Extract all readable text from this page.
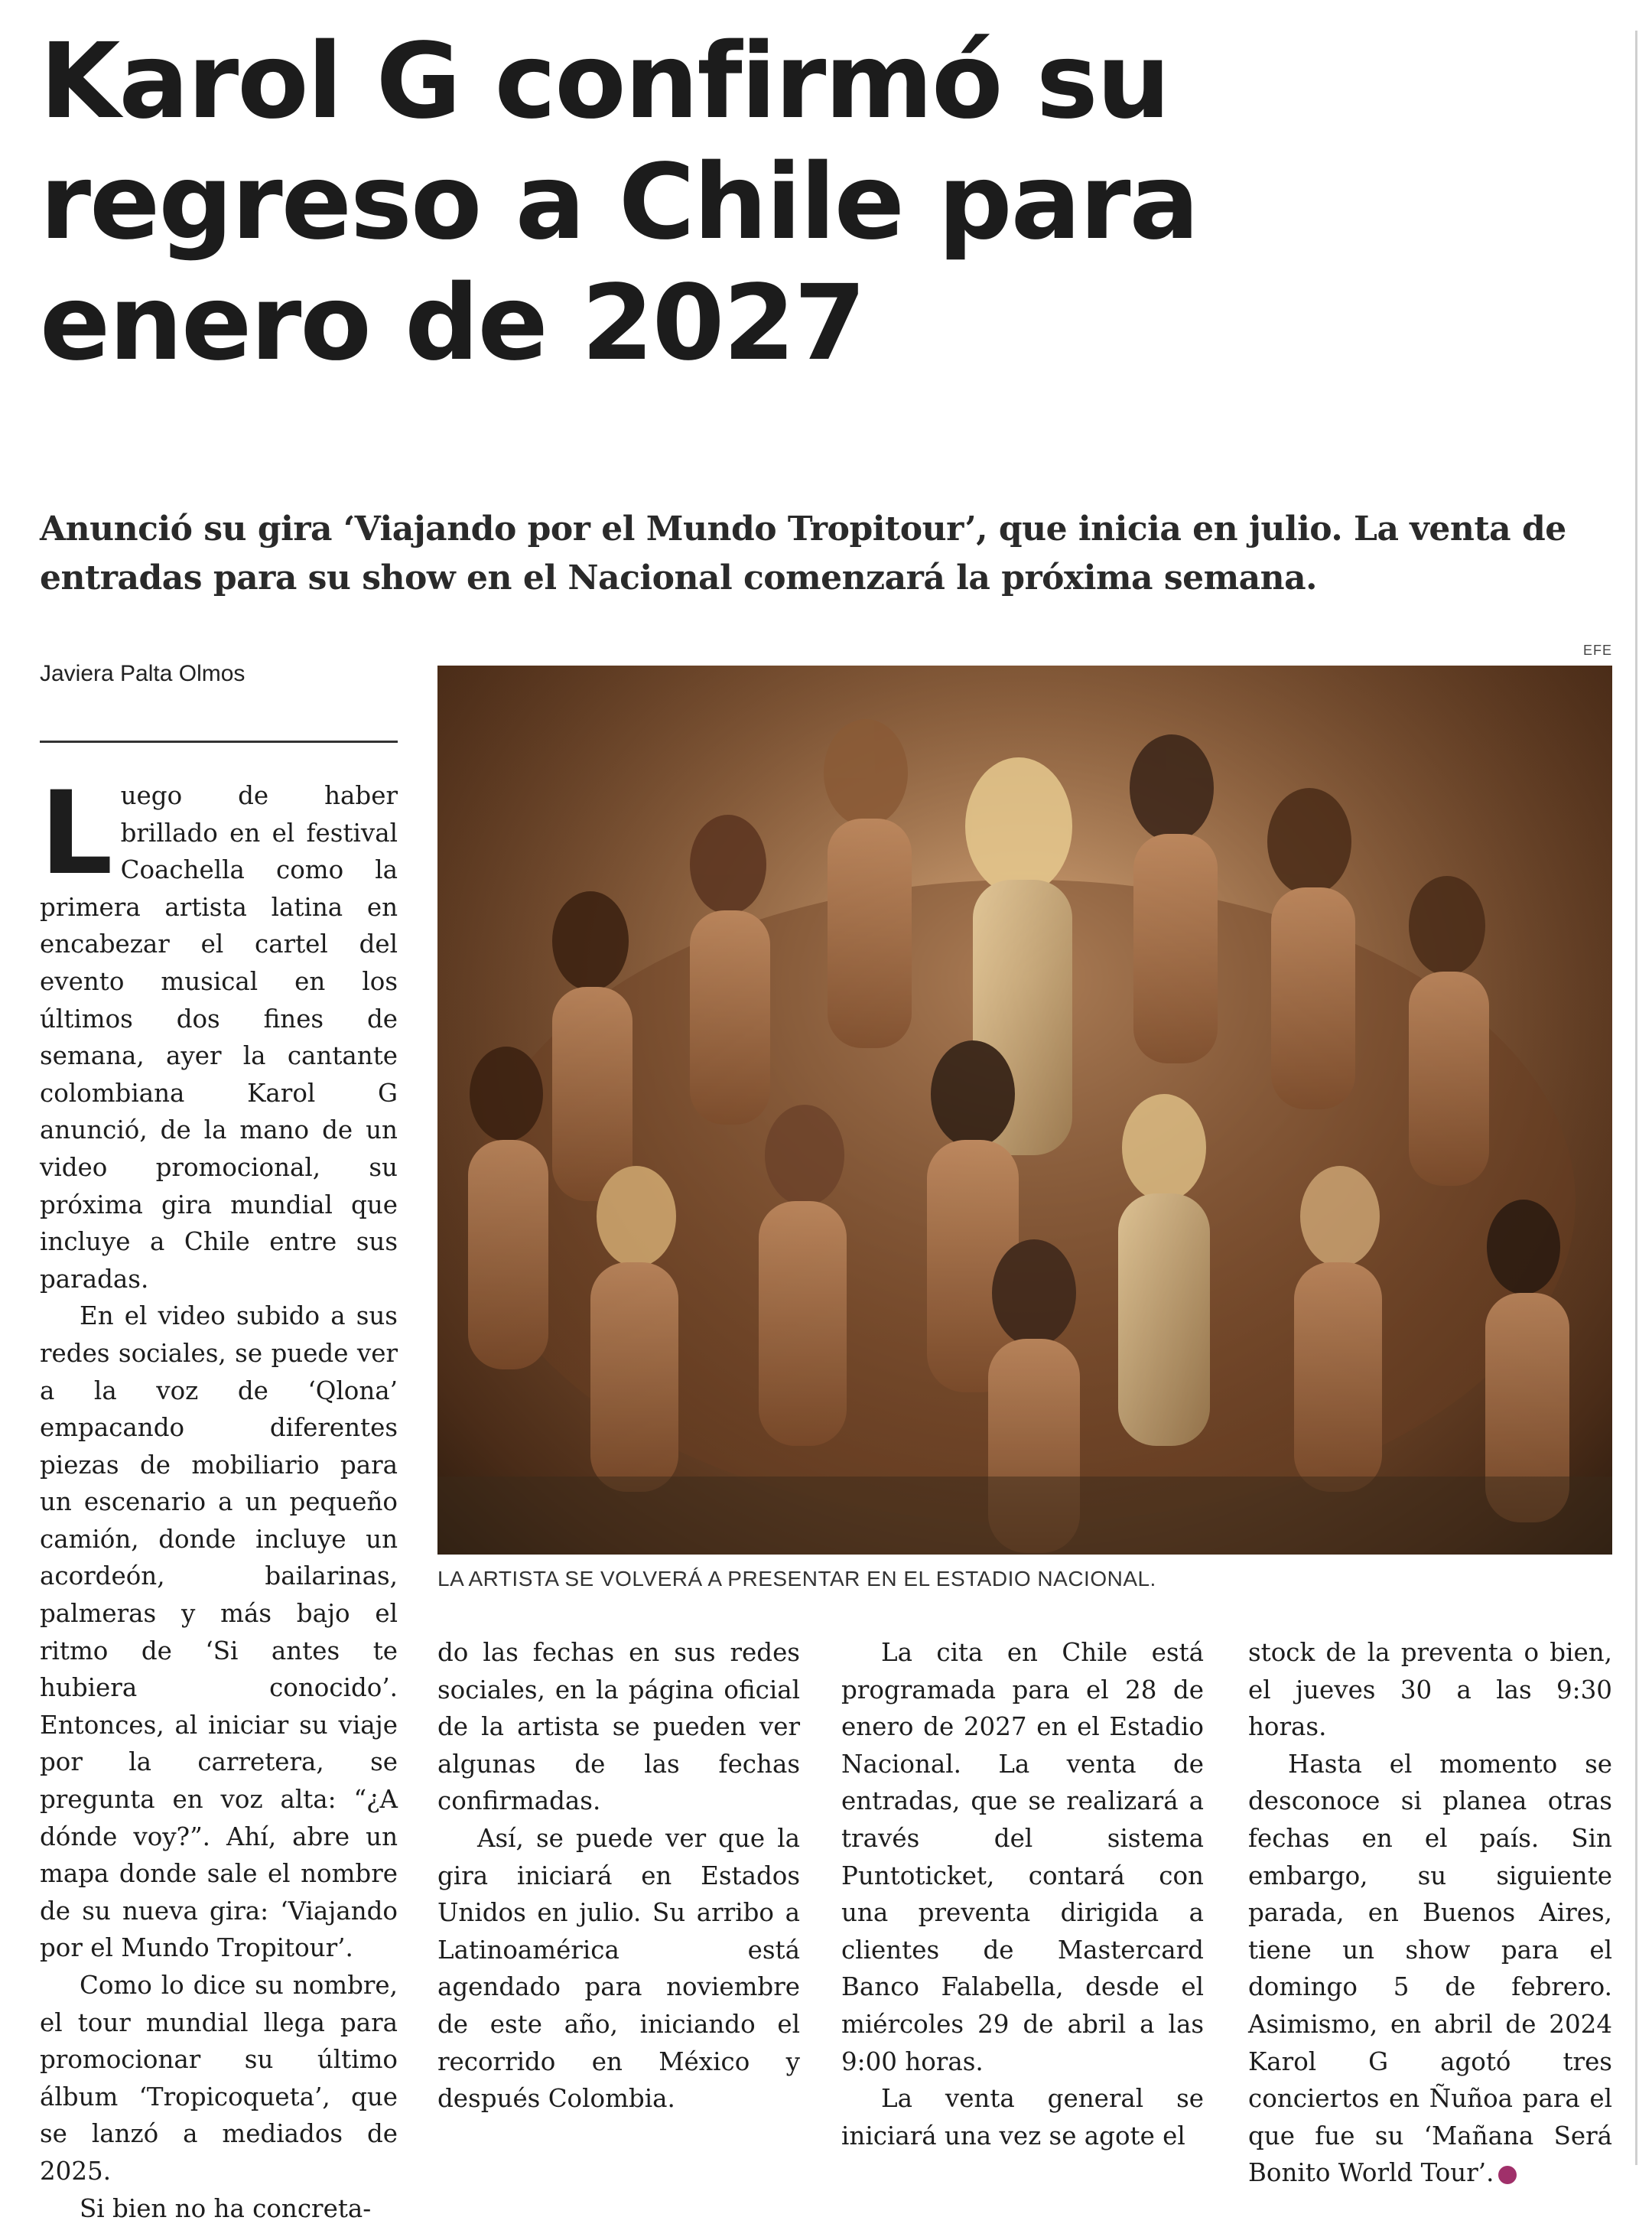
Karol G confirmó su
regreso a Chile para
enero de 2027
Anunció su gira ‘Viajando por el Mundo Tropitour’, que inicia en julio. La venta de entradas para su show en el Nacional comenzará la próxima semana.
Javiera Palta Olmos
EFE
LA ARTISTA SE VOLVERÁ A PRESENTAR EN EL ESTADIO NACIONAL.

Luego de haber brillado en el festival Coachella como la primera artista latina en encabezar el cartel del evento musical en los últimos dos fines de semana, ayer la cantante colombiana Karol G anunció, de la mano de un video promocional, su próxima gira mundial que incluye a Chile entre sus paradas.

En el video subido a sus redes sociales, se puede ver a la voz de ‘Qlona’ empacando diferentes piezas de mobiliario para un escenario a un pequeño camión, donde incluye un acordeón, bailarinas, palmeras y más bajo el ritmo de ‘Si antes te hubiera conocido’. Entonces, al iniciar su viaje por la carretera, se pregunta en voz alta: “¿A dónde voy?”. Ahí, abre un mapa donde sale el nombre de su nueva gira: ‘Viajando por el Mundo Tropitour’.

Como lo dice su nombre, el tour mundial llega para promocionar su último álbum ‘Tropicoqueta’, que se lanzó a mediados de 2025.

Si bien no ha concreta-

do las fechas en sus redes sociales, en la página oficial de la artista se pueden ver algunas de las fechas confirmadas.

Así, se puede ver que la gira iniciará en Estados Unidos en julio. Su arribo a Latinoamérica está agendado para noviembre de este año, iniciando el recorrido en México y después Colombia.

La cita en Chile está programada para el 28 de enero de 2027 en el Estadio Nacional. La venta de entradas, que se realizará a través del sistema Puntoticket, contará con una preventa dirigida a clientes de Mastercard Banco Falabella, desde el miércoles 29 de abril a las 9:00 horas.

La venta general se iniciará una vez se agote el

stock de la preventa o bien, el jueves 30 a las 9:30 horas.

Hasta el momento se desconoce si planea otras fechas en el país. Sin embargo, su siguiente parada, en Buenos Aires, tiene un show para el domingo 5 de febrero. Asimismo, en abril de 2024 Karol G agotó tres conciertos en Ñuñoa para el que fue su ‘Mañana Será Bonito World Tour’.	✪
